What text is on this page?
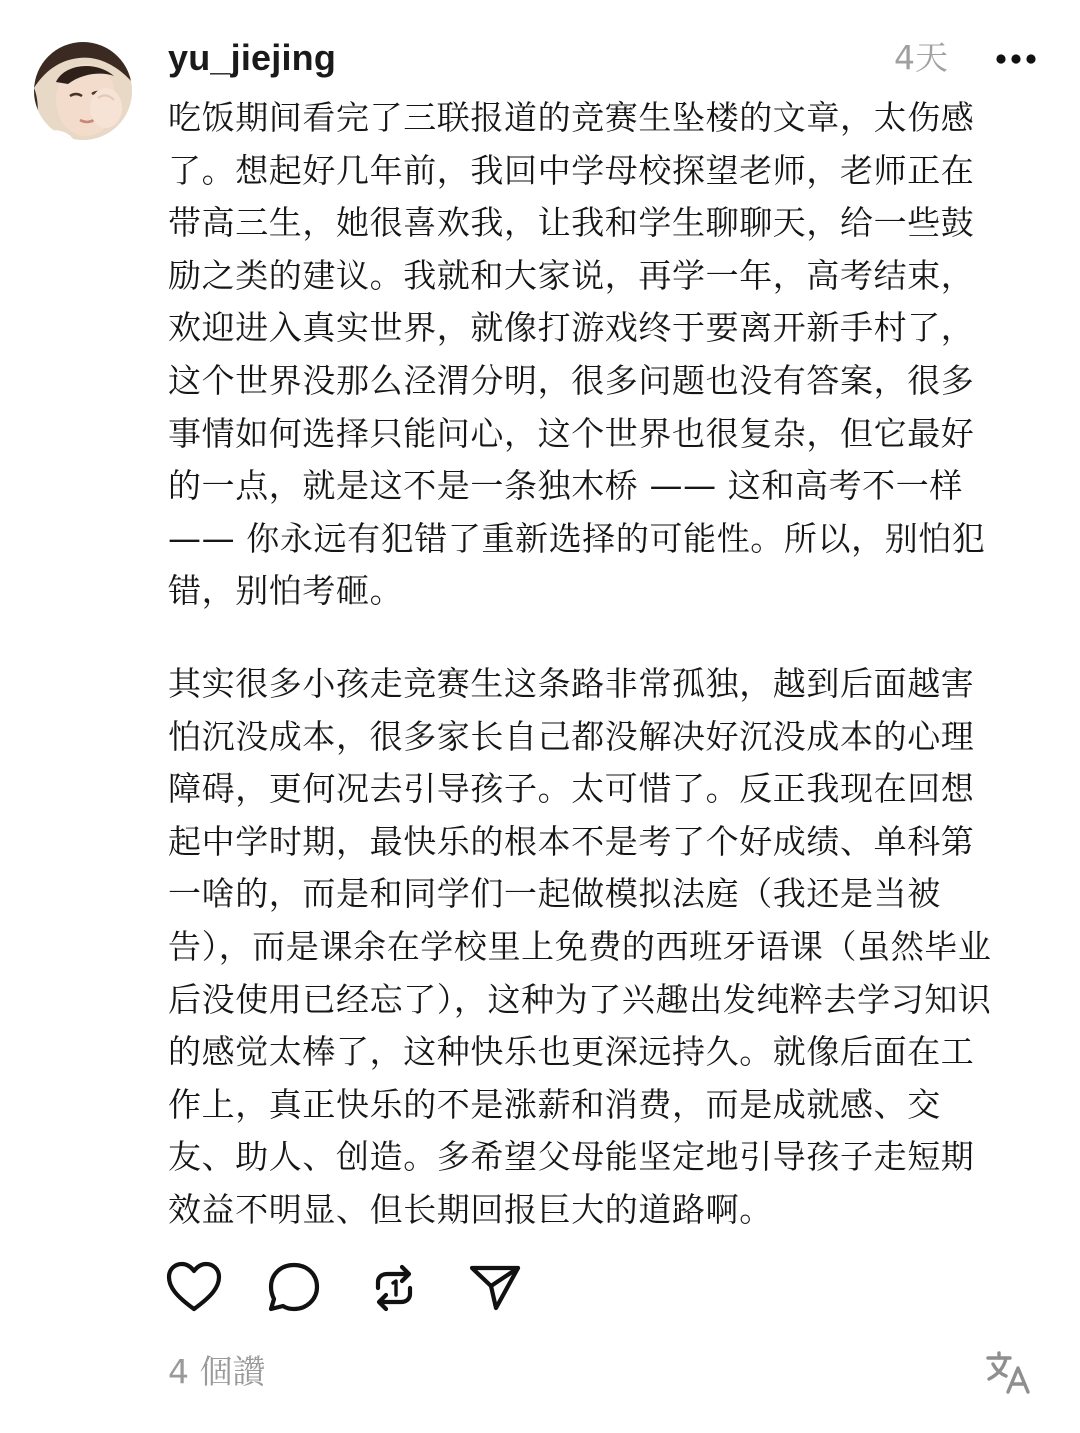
yu_jiejing	4天

吃饭期间看完了三联报道的竞赛生坠楼的文章，太伤感
了。想起好几年前，我回中学母校探望老师，老师正在
带高三生，她很喜欢我，让我和学生聊聊天，给一些鼓
励之类的建议。我就和大家说，再学一年，高考结束，
欢迎进入真实世界，就像打游戏终于要离开新手村了，
这个世界没那么泾渭分明，很多问题也没有答案，很多
事情如何选择只能问心，这个世界也很复杂，但它最好
的一点，就是这不是一条独木桥 —— 这和高考不一样
—— 你永远有犯错了重新选择的可能性。所以，别怕犯
错，别怕考砸。

其实很多小孩走竞赛生这条路非常孤独，越到后面越害
怕沉没成本，很多家长自己都没解决好沉没成本的心理
障碍，更何况去引导孩子。太可惜了。反正我现在回想
起中学时期，最快乐的根本不是考了个好成绩、单科第
一啥的，而是和同学们一起做模拟法庭（我还是当被
告），而是课余在学校里上免费的西班牙语课（虽然毕业
后没使用已经忘了），这种为了兴趣出发纯粹去学习知识
的感觉太棒了，这种快乐也更深远持久。就像后面在工
作上，真正快乐的不是涨薪和消费，而是成就感、交
友、助人、创造。多希望父母能坚定地引导孩子走短期
效益不明显、但长期回报巨大的道路啊。

4 個讚
